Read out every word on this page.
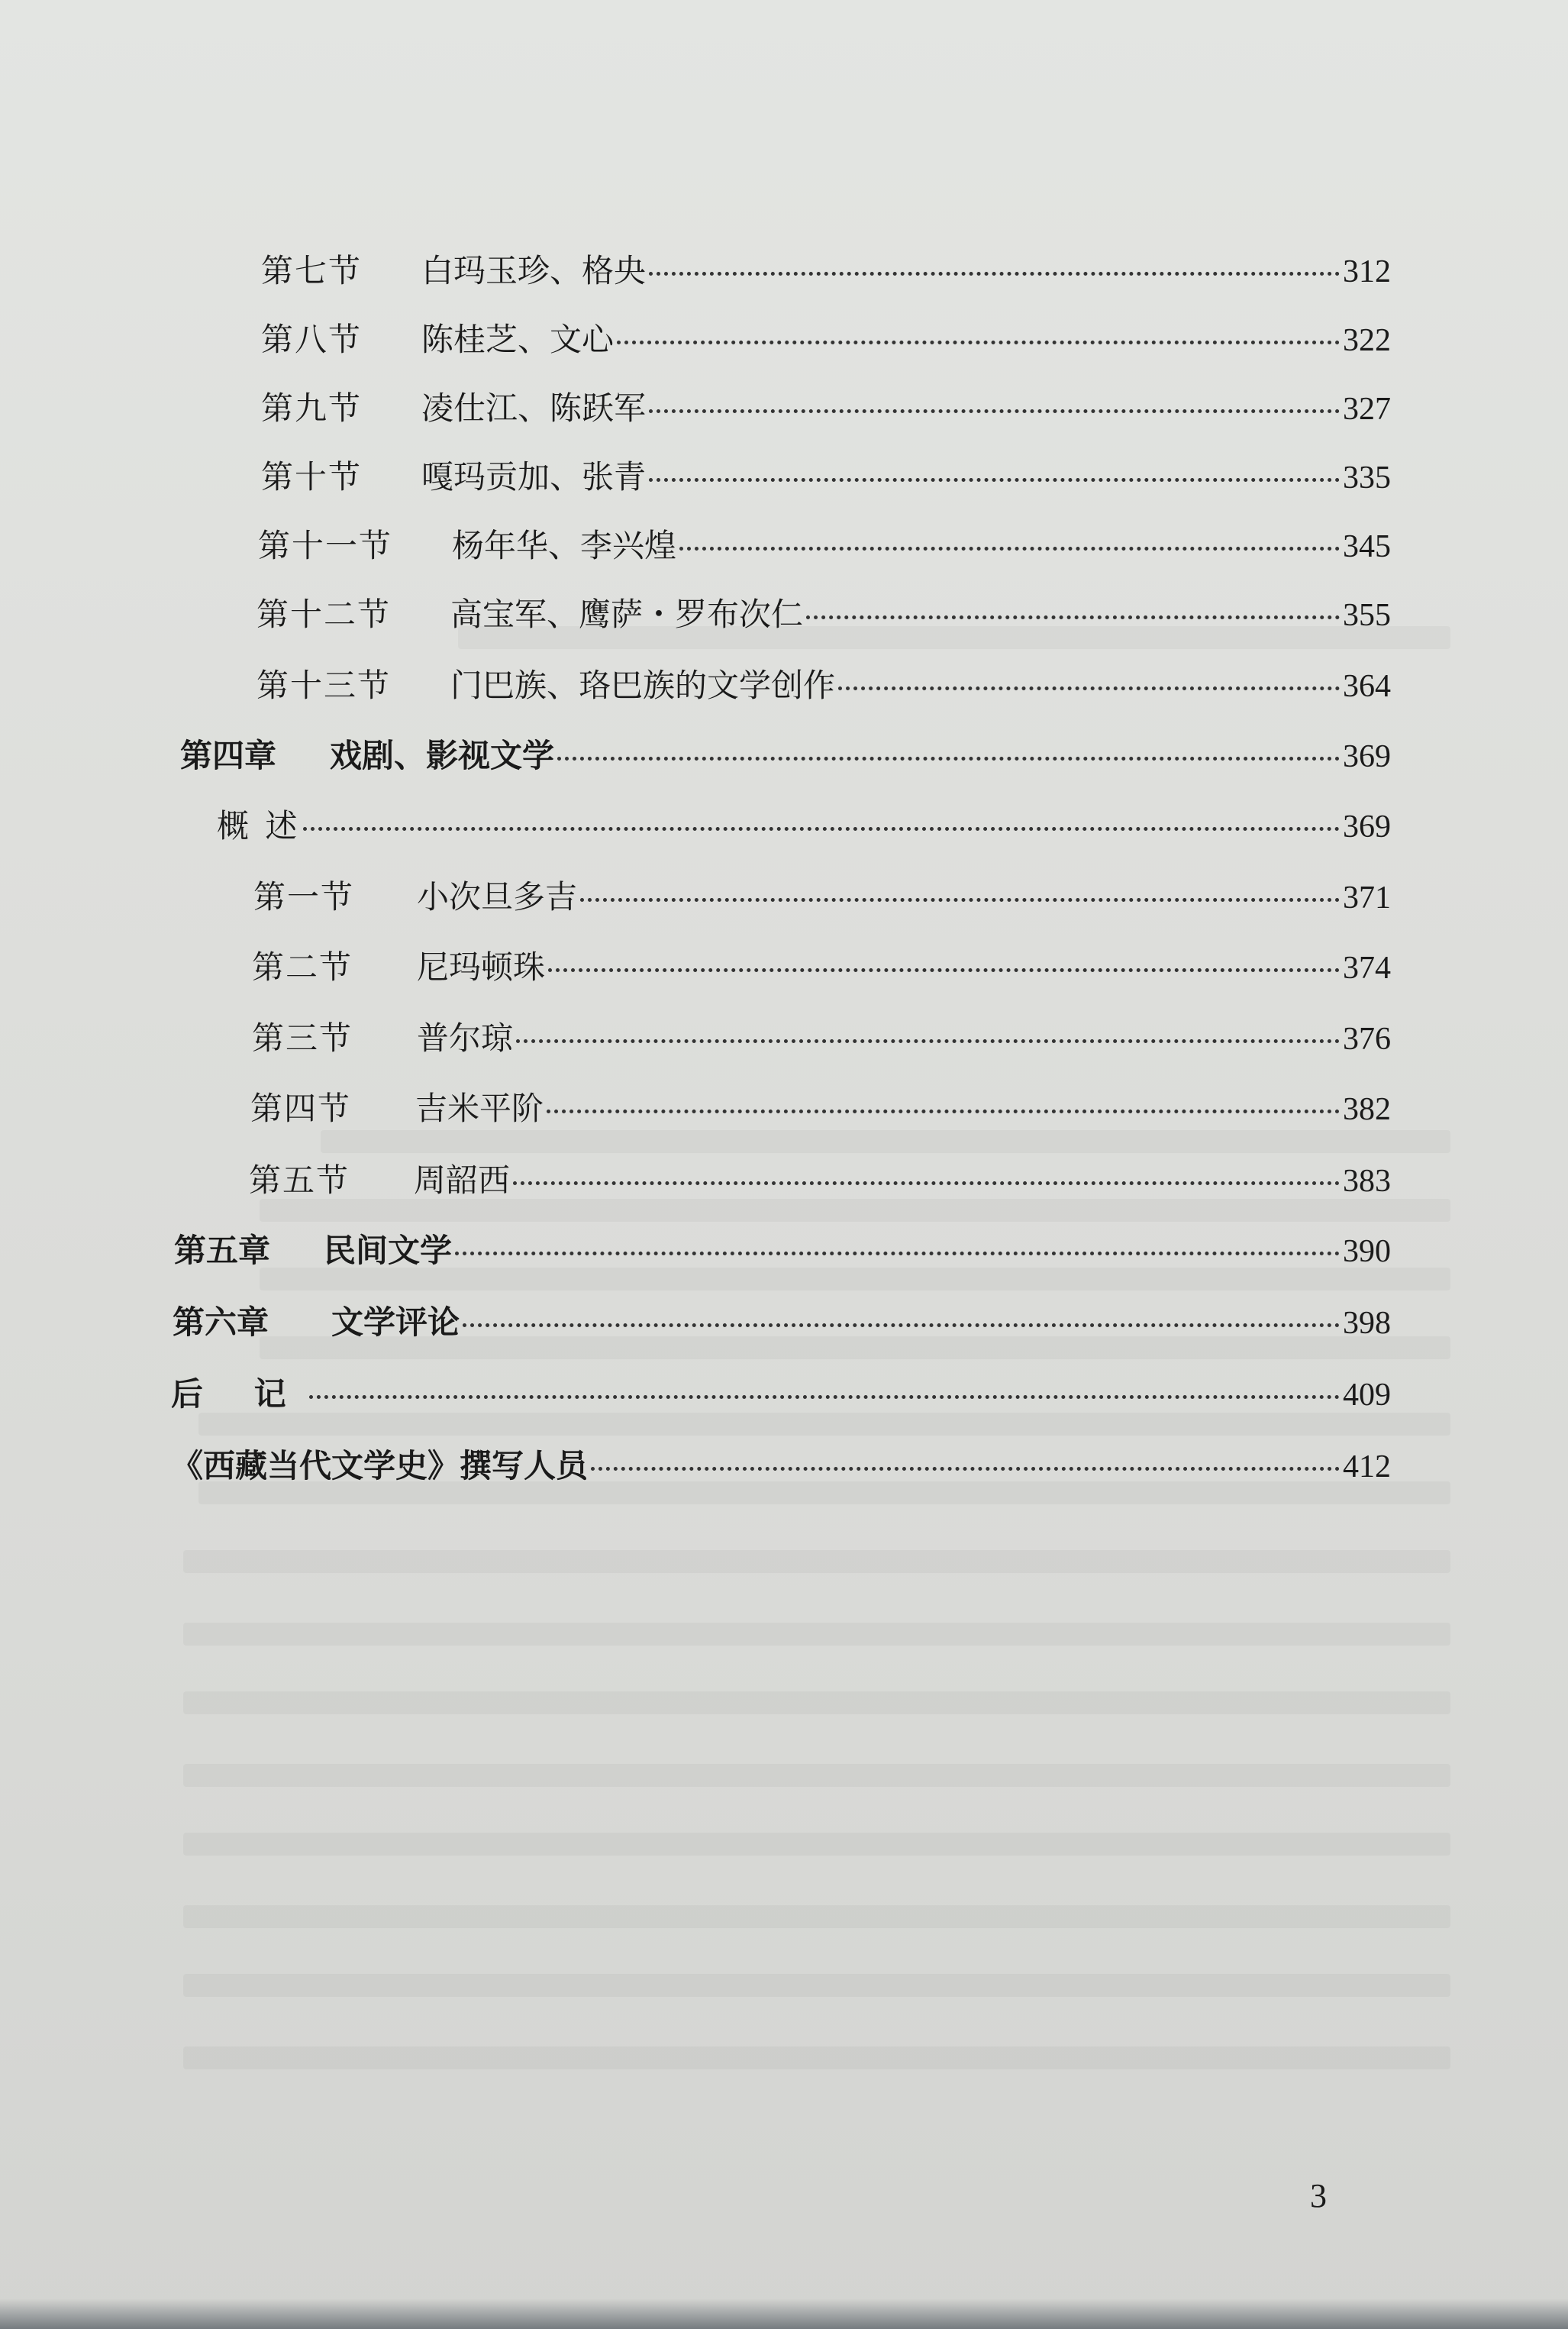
第七节 白玛玉珍、格央	312
第八节 陈桂芝、文心	322
第九节 凌仕江、陈跃军	327
第十节 嘎玛贡加、张青	335
第十一节 杨年华、李兴煌	345
第十二节 高宝军、鹰萨・罗布次仁	355
第十三节 门巴族、珞巴族的文学创作	364
第四章 戏剧、影视文学	369
概 述	369
第一节 小次旦多吉	371
第二节 尼玛顿珠	374
第三节 普尔琼	376
第四节 吉米平阶	382
第五节 周韶西	383
第五章 民间文学	390
第六章 文学评论	398
后 记	409
《西藏当代文学史》撰写人员	412
3
